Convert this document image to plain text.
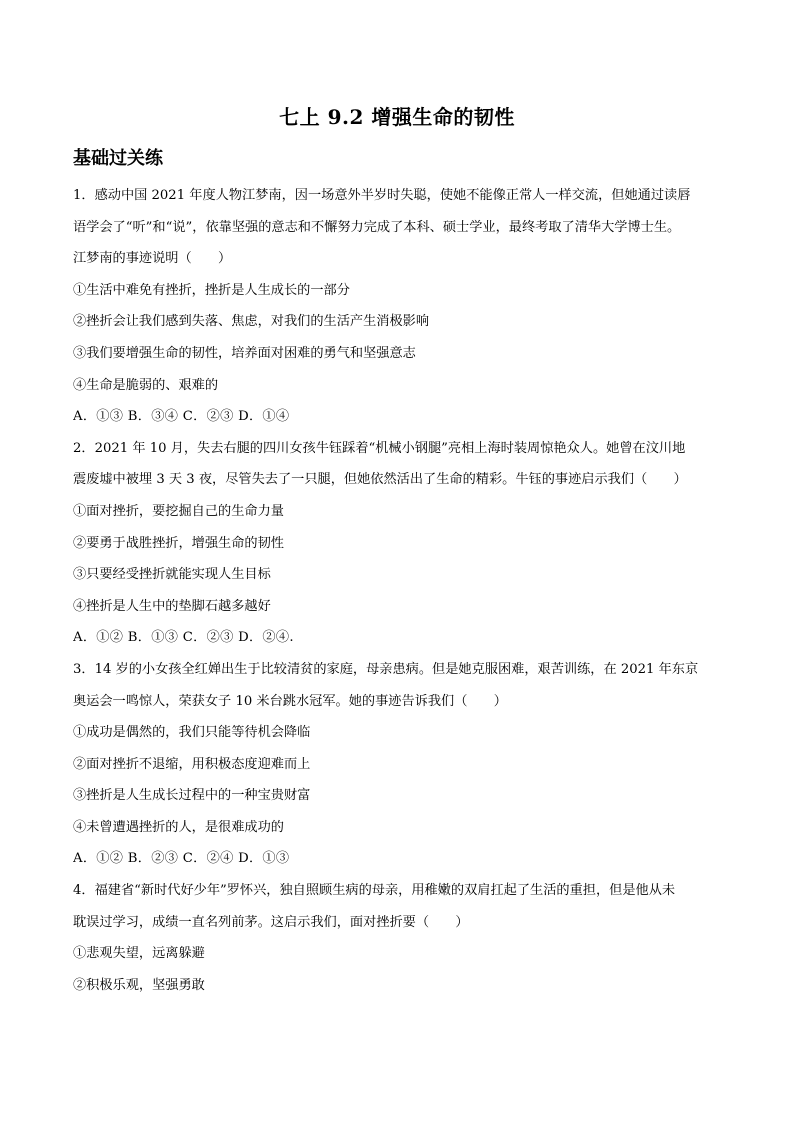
七上 9.2 增强生命的韧性
基础过关练
1．感动中国 2021 年度人物江梦南，因一场意外半岁时失聪，使她不能像正常人一样交流，但她通过读唇
语学会了“听”和“说”，依靠坚强的意志和不懈努力完成了本科、硕士学业，最终考取了清华大学博士生。
江梦南的事迹说明（　　）
①生活中难免有挫折，挫折是人生成长的一部分
②挫折会让我们感到失落、焦虑，对我们的生活产生消极影响
③我们要增强生命的韧性，培养面对困难的勇气和坚强意志
④生命是脆弱的、艰难的
A．①③ B．③④ C．②③ D．①④
2．2021 年 10 月，失去右腿的四川女孩牛钰踩着“机械小钢腿”亮相上海时装周惊艳众人。她曾在汶川地
震废墟中被埋 3 天 3 夜，尽管失去了一只腿，但她依然活出了生命的精彩。牛钰的事迹启示我们（　　）
①面对挫折，要挖掘自己的生命力量
②要勇于战胜挫折，增强生命的韧性
③只要经受挫折就能实现人生目标
④挫折是人生中的垫脚石越多越好
A．①② B．①③ C．②③ D．②④.
3．14 岁的小女孩全红婵出生于比较清贫的家庭，母亲患病。但是她克服困难，艰苦训练，在 2021 年东京
奥运会一鸣惊人，荣获女子 10 米台跳水冠军。她的事迹告诉我们（　　）
①成功是偶然的，我们只能等待机会降临
②面对挫折不退缩，用积极态度迎难而上
③挫折是人生成长过程中的一种宝贵财富
④未曾遭遇挫折的人，是很难成功的
A．①② B．②③ C．②④ D．①③
4．福建省“新时代好少年”罗怀兴，独自照顾生病的母亲，用稚嫩的双肩扛起了生活的重担，但是他从未
耽误过学习，成绩一直名列前茅。这启示我们，面对挫折要（　　）
①悲观失望，远离躲避
②积极乐观，坚强勇敢
